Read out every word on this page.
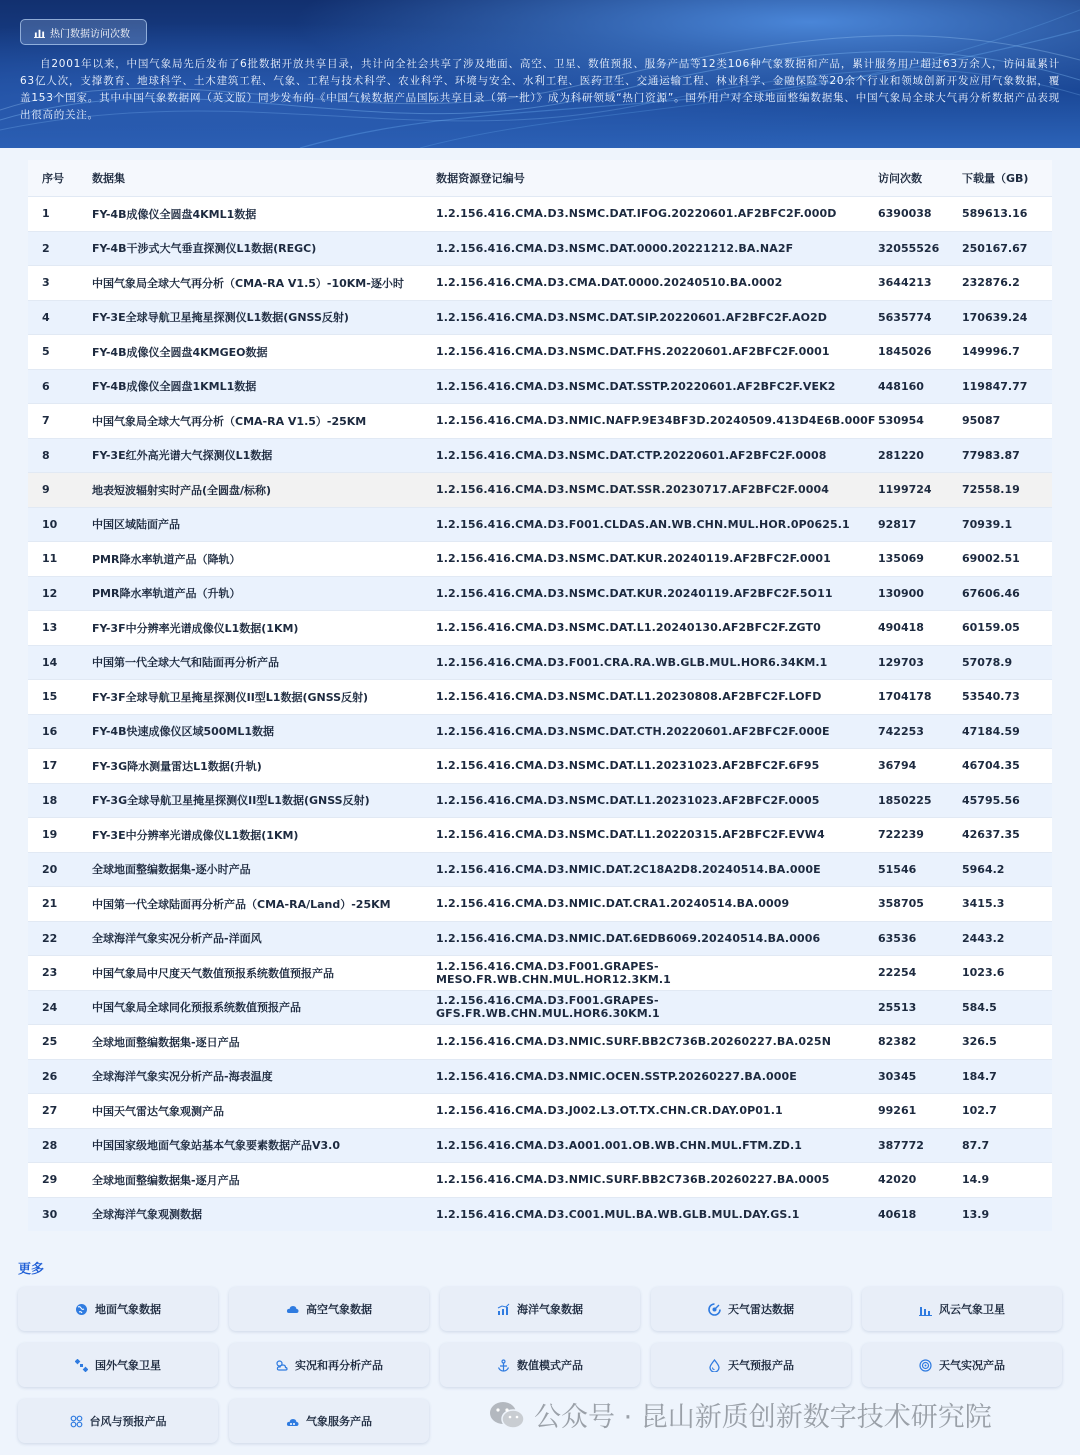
热门数据访问次数

自2001年以来，中国气象局先后发布了6批数据开放共享目录，共计向全社会共享了涉及地面、高空、卫星、数值预报、服务产品等12类106种气象数据和产品，累计服务用户超过63万余人，访问量累计63亿人次，支撑教育、地球科学、土木建筑工程、气象、工程与技术科学、农业科学、环境与安全、水利工程、医药卫生、交通运输工程、林业科学、金融保险等20余个行业和领域创新开发应用气象数据，覆盖153个国家。其中中国气象数据网（英文版）同步发布的《中国气候数据产品国际共享目录（第一批）》成为科研领域“热门资源”。国外用户对全球地面整编数据集、中国气象局全球大气再分析数据产品表现出很高的关注。

序号	数据集	数据资源登记编号	访问次数	下载量（GB)
1	FY-4B成像仪全圆盘4KML1数据	1.2.156.416.CMA.D3.NSMC.DAT.IFOG.20220601.AF2BFC2F.000D	6390038	589613.16
2	FY-4B干涉式大气垂直探测仪L1数据(REGC)	1.2.156.416.CMA.D3.NSMC.DAT.0000.20221212.BA.NA2F	32055526	250167.67
3	中国气象局全球大气再分析（CMA-RA V1.5）-10KM-逐小时	1.2.156.416.CMA.D3.CMA.DAT.0000.20240510.BA.0002	3644213	232876.2
4	FY-3E全球导航卫星掩星探测仪L1数据(GNSS反射)	1.2.156.416.CMA.D3.NSMC.DAT.SIP.20220601.AF2BFC2F.AO2D	5635774	170639.24
5	FY-4B成像仪全圆盘4KMGEO数据	1.2.156.416.CMA.D3.NSMC.DAT.FHS.20220601.AF2BFC2F.0001	1845026	149996.7
6	FY-4B成像仪全圆盘1KML1数据	1.2.156.416.CMA.D3.NSMC.DAT.SSTP.20220601.AF2BFC2F.VEK2	448160	119847.77
7	中国气象局全球大气再分析（CMA-RA V1.5）-25KM	1.2.156.416.CMA.D3.NMIC.NAFP.9E34BF3D.20240509.413D4E6B.000F 530954	95087
8	FY-3E红外高光谱大气探测仪L1数据	1.2.156.416.CMA.D3.NSMC.DAT.CTP.20220601.AF2BFC2F.0008	281220	77983.87
9	地表短波辐射实时产品(全圆盘/标称)	1.2.156.416.CMA.D3.NSMC.DAT.SSR.20230717.AF2BFC2F.0004	1199724	72558.19
10	中国区域陆面产品	1.2.156.416.CMA.D3.F001.CLDAS.AN.WB.CHN.MUL.HOR.0P0625.1	92817	70939.1
11	PMR降水率轨道产品（降轨）	1.2.156.416.CMA.D3.NSMC.DAT.KUR.20240119.AF2BFC2F.0001	135069	69002.51
12	PMR降水率轨道产品（升轨）	1.2.156.416.CMA.D3.NSMC.DAT.KUR.20240119.AF2BFC2F.5O11	130900	67606.46
13	FY-3F中分辨率光谱成像仪L1数据(1KM)	1.2.156.416.CMA.D3.NSMC.DAT.L1.20240130.AF2BFC2F.ZGT0	490418	60159.05
14	中国第一代全球大气和陆面再分析产品	1.2.156.416.CMA.D3.F001.CRA.RA.WB.GLB.MUL.HOR6.34KM.1	129703	57078.9
15	FY-3F全球导航卫星掩星探测仪II型L1数据(GNSS反射)	1.2.156.416.CMA.D3.NSMC.DAT.L1.20230808.AF2BFC2F.LOFD	1704178	53540.73
16	FY-4B快速成像仪区域500ML1数据	1.2.156.416.CMA.D3.NSMC.DAT.CTH.20220601.AF2BFC2F.000E	742253	47184.59
17	FY-3G降水测量雷达L1数据(升轨)	1.2.156.416.CMA.D3.NSMC.DAT.L1.20231023.AF2BFC2F.6F95	36794	46704.35
18	FY-3G全球导航卫星掩星探测仪II型L1数据(GNSS反射)	1.2.156.416.CMA.D3.NSMC.DAT.L1.20231023.AF2BFC2F.0005	1850225	45795.56
19	FY-3E中分辨率光谱成像仪L1数据(1KM)	1.2.156.416.CMA.D3.NSMC.DAT.L1.20220315.AF2BFC2F.EVW4	722239	42637.35
20	全球地面整编数据集-逐小时产品	1.2.156.416.CMA.D3.NMIC.DAT.2C18A2D8.20240514.BA.000E	51546	5964.2
21	中国第一代全球陆面再分析产品（CMA-RA/Land）-25KM	1.2.156.416.CMA.D3.NMIC.DAT.CRA1.20240514.BA.0009	358705	3415.3
22	全球海洋气象实况分析产品-洋面风	1.2.156.416.CMA.D3.NMIC.DAT.6EDB6069.20240514.BA.0006	63536	2443.2
23	中国气象局中尺度天气数值预报系统数值预报产品
1.2.156.416.CMA.D3.F001.GRAPES-MESO.FR.WB.CHN.MUL.HOR12.3KM.1	22254	1023.6
24	中国气象局全球同化预报系统数值预报产品
1.2.156.416.CMA.D3.F001.GRAPES-GFS.FR.WB.CHN.MUL.HOR6.30KM.1	25513	584.5
25	全球地面整编数据集-逐日产品	1.2.156.416.CMA.D3.NMIC.SURF.BB2C736B.20260227.BA.025N	82382	326.5
26	全球海洋气象实况分析产品-海表温度	1.2.156.416.CMA.D3.NMIC.OCEN.SSTP.20260227.BA.000E	30345	184.7
27	中国天气雷达气象观测产品	1.2.156.416.CMA.D3.J002.L3.OT.TX.CHN.CR.DAY.0P01.1	99261	102.7
28	中国国家级地面气象站基本气象要素数据产品V3.0	1.2.156.416.CMA.D3.A001.001.OB.WB.CHN.MUL.FTM.ZD.1	387772	87.7
29	全球地面整编数据集-逐月产品	1.2.156.416.CMA.D3.NMIC.SURF.BB2C736B.20260227.BA.0005	42020	14.9
30	全球海洋气象观测数据	1.2.156.416.CMA.D3.C001.MUL.BA.WB.GLB.MUL.DAY.GS.1	40618	13.9
更多
地面气象数据	高空气象数据	海洋气象数据	天气雷达数据	风云气象卫星
国外气象卫星	实况和再分析产品	数值模式产品	天气预报产品	天气实况产品
台风与预报产品	气象服务产品	公众号 · 昆山新质创新数字技术研究院
